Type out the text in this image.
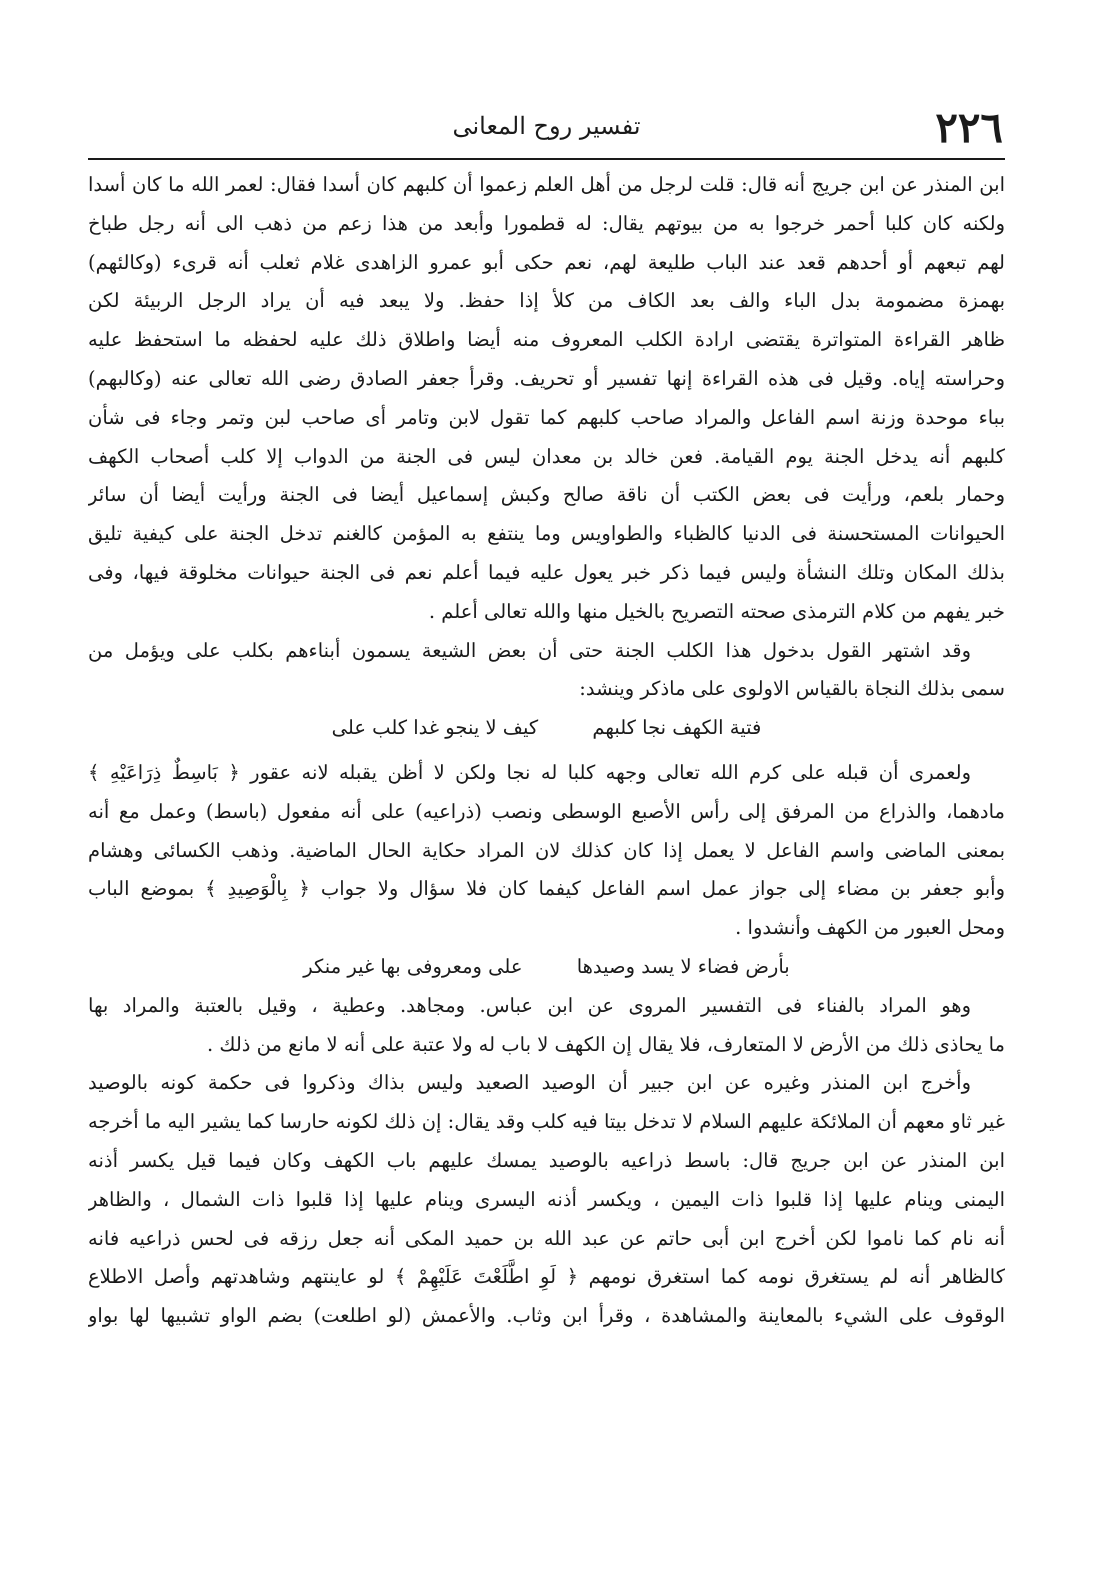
٢٢٦
تفسير روح المعانى
ابن المنذر عن ابن جريج أنه قال: قلت لرجل من أهل العلم زعموا أن كلبهم كان أسدا فقال: لعمر الله ما كان أسدا
ولكنه كان كلبا أحمر خرجوا به من بيوتهم يقال: له قطمورا وأبعد من هذا زعم من ذهب الى أنه رجل طباخ
لهم تبعهم أو أحدهم قعد عند الباب طليعة لهم، نعم حكى أبو عمرو الزاهدى غلام ثعلب أنه قرىء (وكالئهم)
بهمزة مضمومة بدل الباء والف بعد الكاف من كلأ إذا حفظ. ولا يبعد فيه أن يراد الرجل الربيئة لكن
ظاهر القراءة المتواترة يقتضى ارادة الكلب المعروف منه أيضا واطلاق ذلك عليه لحفظه ما استحفظ عليه
وحراسته إياه. وقيل فى هذه القراءة إنها تفسير أو تحريف. وقرأ جعفر الصادق رضى الله تعالى عنه (وكالبهم)
بباء موحدة وزنة اسم الفاعل والمراد صاحب كلبهم كما تقول لابن وتامر أى صاحب لبن وتمر وجاء فى شأن
كلبهم أنه يدخل الجنة يوم القيامة. فعن خالد بن معدان ليس فى الجنة من الدواب إلا كلب أصحاب الكهف
وحمار بلعم، ورأيت فى بعض الكتب أن ناقة صالح وكبش إسماعيل أيضا فى الجنة ورأيت أيضا أن سائر
الحيوانات المستحسنة فى الدنيا كالظباء والطواويس وما ينتفع به المؤمن كالغنم تدخل الجنة على كيفية تليق
بذلك المكان وتلك النشأة وليس فيما ذكر خبر يعول عليه فيما أعلم نعم فى الجنة حيوانات مخلوقة فيها، وفى
خبر يفهم من كلام الترمذى صحته التصريح بالخيل منها والله تعالى أعلم .
وقد اشتهر القول بدخول هذا الكلب الجنة حتى أن بعض الشيعة يسمون أبناءهم بكلب على ويؤمل من
سمى بذلك النجاة بالقياس الاولوى على ماذكر وينشد:
فتية الكهف نجا كلبهم كيف لا ينجو غدا كلب على
ولعمرى أن قبله على كرم الله تعالى وجهه كلبا له نجا ولكن لا أظن يقبله لانه عقور ﴿ بَاسِطٌ ذِرَاعَيْهِ ﴾
مادهما، والذراع من المرفق إلى رأس الأصبع الوسطى ونصب (ذراعيه) على أنه مفعول (باسط) وعمل مع أنه
بمعنى الماضى واسم الفاعل لا يعمل إذا كان كذلك لان المراد حكاية الحال الماضية. وذهب الكسائى وهشام
وأبو جعفر بن مضاء إلى جواز عمل اسم الفاعل كيفما كان فلا سؤال ولا جواب ﴿ بِالْوَصِيدِ ﴾ بموضع الباب
ومحل العبور من الكهف وأنشدوا .
بأرض فضاء لا يسد وصيدها على ومعروفى بها غير منكر
وهو المراد بالفناء فى التفسير المروى عن ابن عباس. ومجاهد. وعطية ، وقيل بالعتبة والمراد بها
ما يحاذى ذلك من الأرض لا المتعارف، فلا يقال إن الكهف لا باب له ولا عتبة على أنه لا مانع من ذلك .
وأخرج ابن المنذر وغيره عن ابن جبير أن الوصيد الصعيد وليس بذاك وذكروا فى حكمة كونه بالوصيد
غير ثاو معهم أن الملائكة عليهم السلام لا تدخل بيتا فيه كلب وقد يقال: إن ذلك لكونه حارسا كما يشير اليه ما أخرجه
ابن المنذر عن ابن جريج قال: باسط ذراعيه بالوصيد يمسك عليهم باب الكهف وكان فيما قيل يكسر أذنه
اليمنى وينام عليها إذا قلبوا ذات اليمين ، ويكسر أذنه اليسرى وينام عليها إذا قلبوا ذات الشمال ، والظاهر
أنه نام كما ناموا لكن أخرج ابن أبى حاتم عن عبد الله بن حميد المكى أنه جعل رزقه فى لحس ذراعيه فانه
كالظاهر أنه لم يستغرق نومه كما استغرق نومهم ﴿ لَوِ اطَّلَعْتَ عَلَيْهِمْ ﴾ لو عاينتهم وشاهدتهم وأصل الاطلاع
الوقوف على الشيء بالمعاينة والمشاهدة ، وقرأ ابن وثاب. والأعمش (لو اطلعت) بضم الواو تشبيها لها بواو
